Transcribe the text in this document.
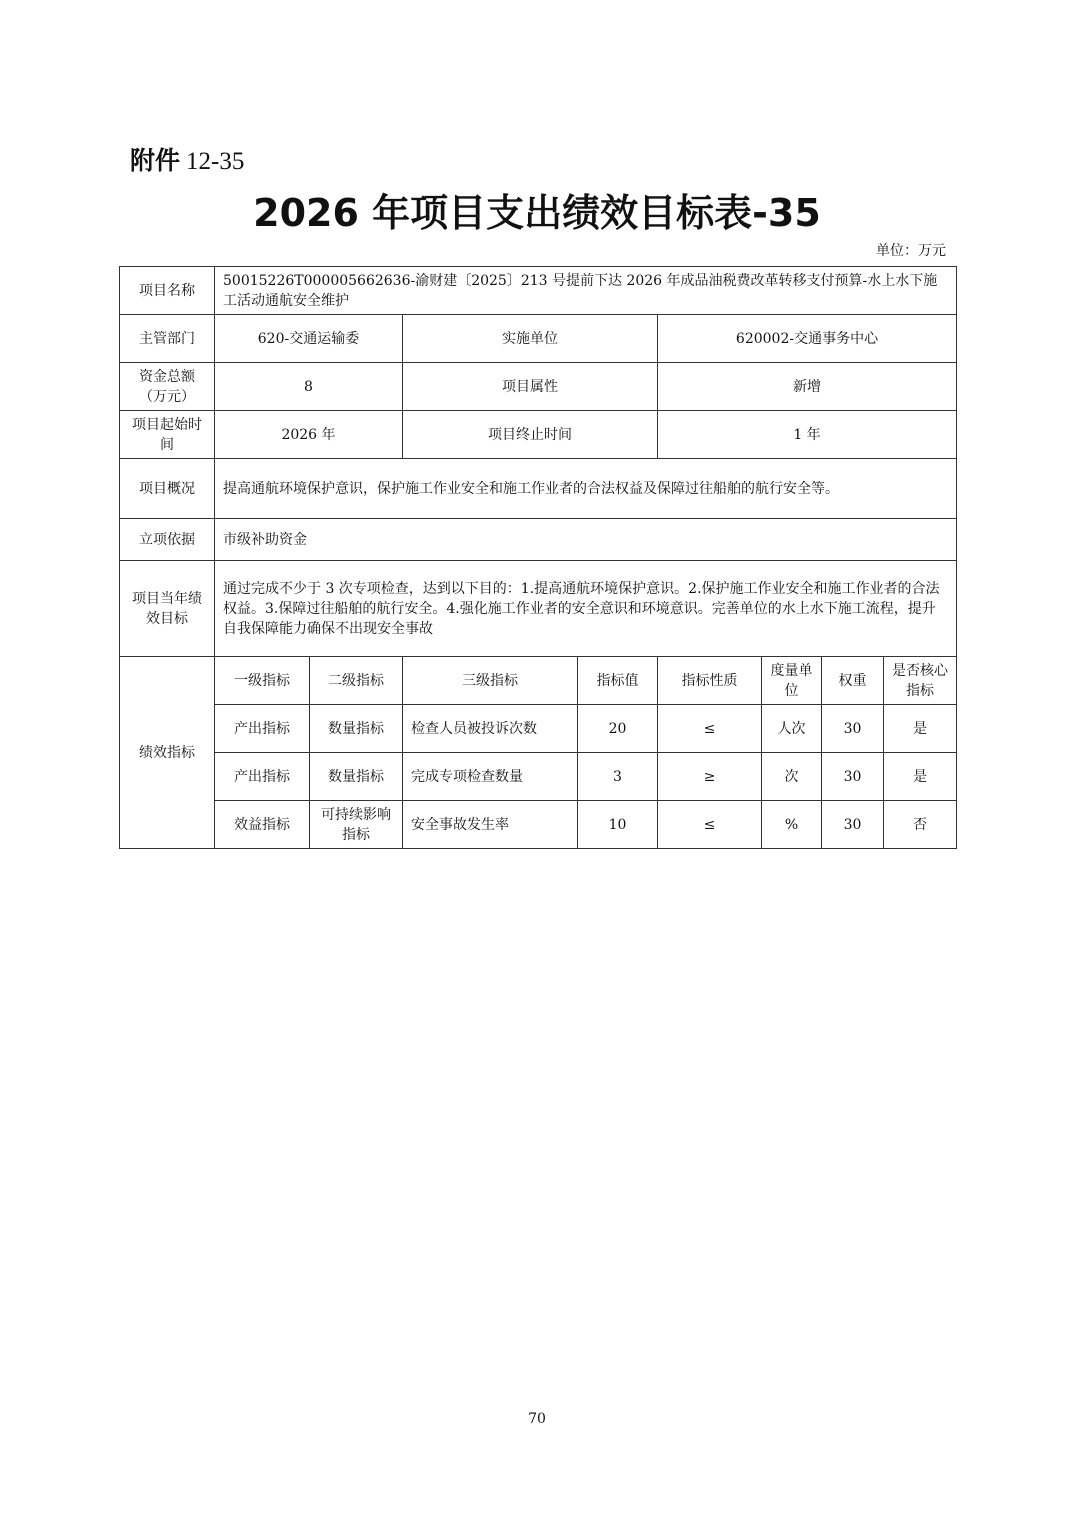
附件 12-35
2026 年项目支出绩效目标表-35
单位：万元
项目名称	50015226T000005662636-渝财建〔2025〕213 号提前下达 2026 年成品油税费改革转移支付预算-水上水下施工活动通航安全维护							
主管部门	620-交通运输委		实施单位		620002-交通事务中心			
资金总额（万元）	8		项目属性		新增			
项目起始时间	2026 年		项目终止时间		1 年			
项目概况	提高通航环境保护意识，保护施工作业安全和施工作业者的合法权益及保障过往船舶的航行安全等。							
立项依据	市级补助资金							
项目当年绩效目标	通过完成不少于 3 次专项检查，达到以下目的：1.提高通航环境保护意识。2.保护施工作业安全和施工作业者的合法权益。3.保障过往船舶的航行安全。4.强化施工作业者的安全意识和环境意识。完善单位的水上水下施工流程，提升自我保障能力确保不出现安全事故							
绩效指标	一级指标	二级指标	三级指标	指标值	指标性质	度量单位	权重	是否核心指标
	产出指标	数量指标	检查人员被投诉次数	20	≤	人次	30	是
	产出指标	数量指标	完成专项检查数量	3	≥	次	30	是
	效益指标	可持续影响指标	安全事故发生率	10	≤	%	30	否
70
